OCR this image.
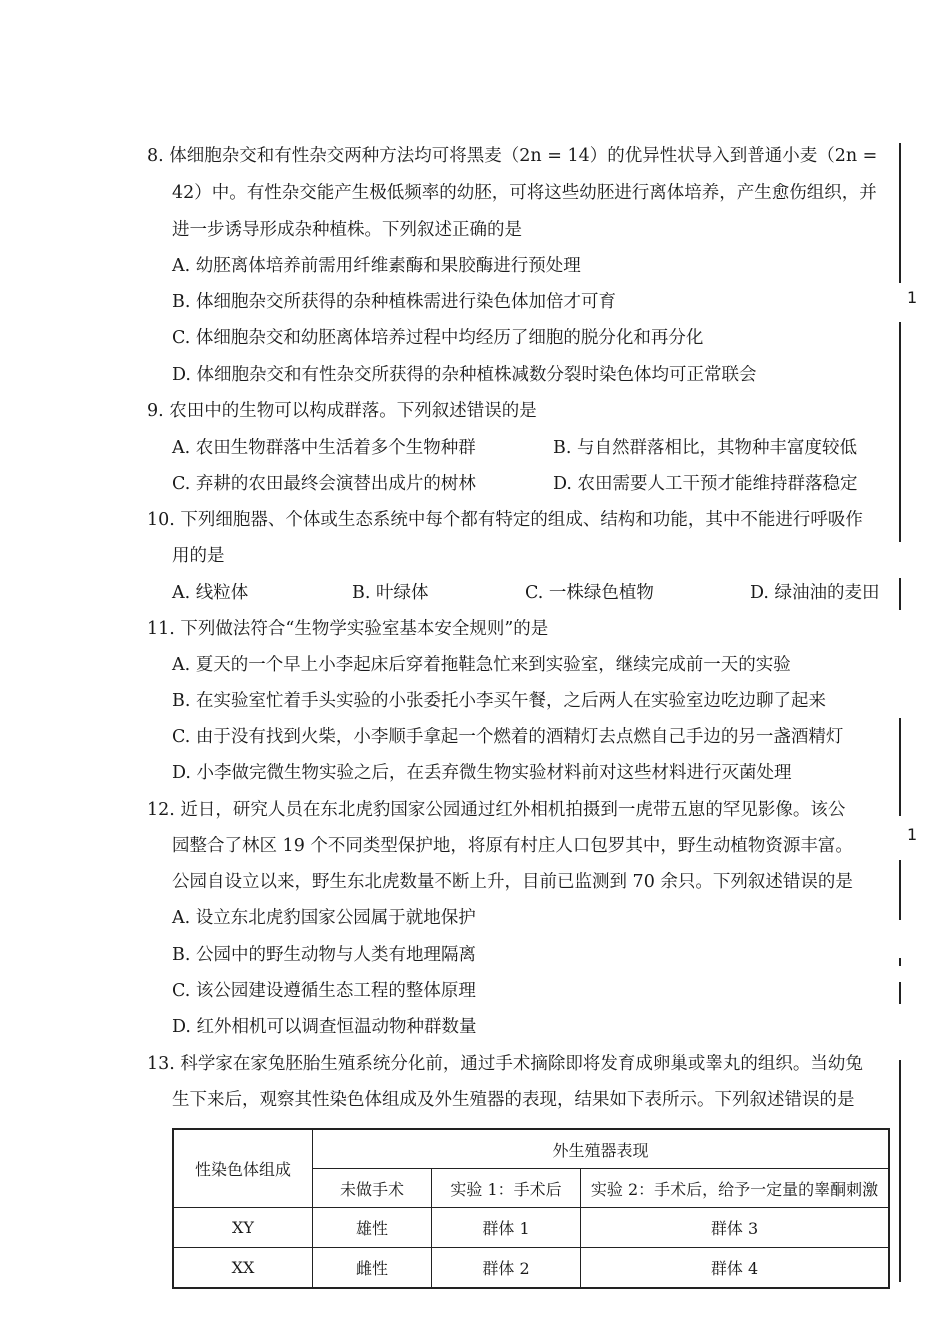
8. 体细胞杂交和有性杂交两种方法均可将黑麦（2n = 14）的优异性状导入到普通小麦（2n =
42）中。有性杂交能产生极低频率的幼胚，可将这些幼胚进行离体培养，产生愈伤组织，并
进一步诱导形成杂种植株。下列叙述正确的是
A. 幼胚离体培养前需用纤维素酶和果胶酶进行预处理
B. 体细胞杂交所获得的杂种植株需进行染色体加倍才可育
C. 体细胞杂交和幼胚离体培养过程中均经历了细胞的脱分化和再分化
D. 体细胞杂交和有性杂交所获得的杂种植株减数分裂时染色体均可正常联会
9. 农田中的生物可以构成群落。下列叙述错误的是
A. 农田生物群落中生活着多个生物种群	B. 与自然群落相比，其物种丰富度较低
C. 弃耕的农田最终会演替出成片的树林	D. 农田需要人工干预才能维持群落稳定
10. 下列细胞器、个体或生态系统中每个都有特定的组成、结构和功能，其中不能进行呼吸作
用的是
A. 线粒体	B. 叶绿体	C. 一株绿色植物	D. 绿油油的麦田
11. 下列做法符合“生物学实验室基本安全规则”的是
A. 夏天的一个早上小李起床后穿着拖鞋急忙来到实验室，继续完成前一天的实验
B. 在实验室忙着手头实验的小张委托小李买午餐，之后两人在实验室边吃边聊了起来
C. 由于没有找到火柴，小李顺手拿起一个燃着的酒精灯去点燃自己手边的另一盏酒精灯
D. 小李做完微生物实验之后，在丢弃微生物实验材料前对这些材料进行灭菌处理
12. 近日，研究人员在东北虎豹国家公园通过红外相机拍摄到一虎带五崽的罕见影像。该公
园整合了林区 19 个不同类型保护地，将原有村庄人口包罗其中，野生动植物资源丰富。
公园自设立以来，野生东北虎数量不断上升，目前已监测到 70 余只。下列叙述错误的是
A. 设立东北虎豹国家公园属于就地保护
B. 公园中的野生动物与人类有地理隔离
C. 该公园建设遵循生态工程的整体原理
D. 红外相机可以调查恒温动物种群数量
13. 科学家在家兔胚胎生殖系统分化前，通过手术摘除即将发育成卵巢或睾丸的组织。当幼兔
生下来后，观察其性染色体组成及外生殖器的表现，结果如下表所示。下列叙述错误的是
性染色体组成	外生殖器表现		
	未做手术	实验 1：手术后	实验 2：手术后，给予一定量的睾酮刺激
XY	雄性	群体 1	群体 3
XX	雌性	群体 2	群体 4
1
1
